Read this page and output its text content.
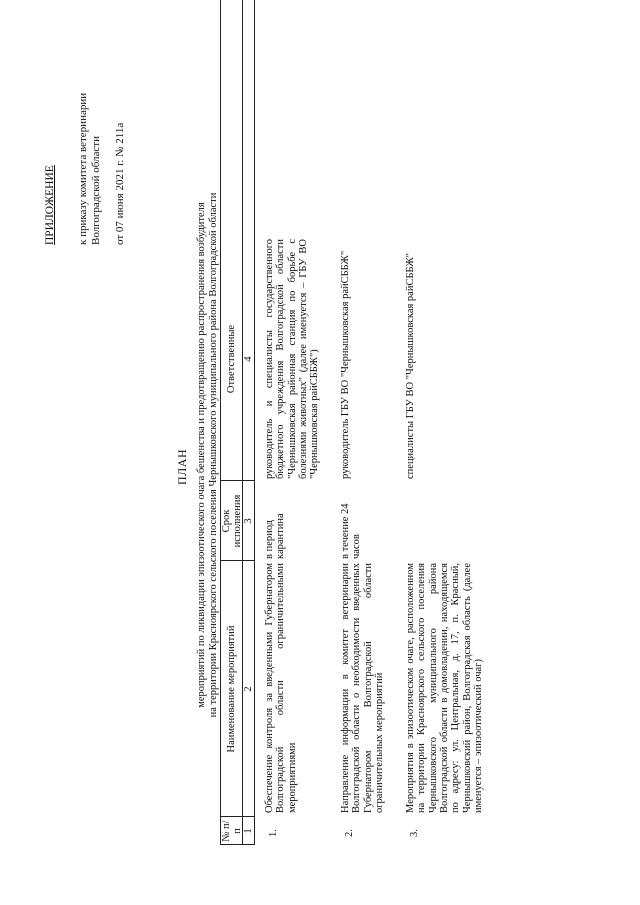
ПРИЛОЖЕНИЕ к приказу комитета ветеринарии Волгоградской области от 07 июня 2021 г. № 211а
ПЛАН мероприятий по ликвидации эпизоотического очага бешенства и предотвращению распространения возбудителя на территории Красноярского сельского поселения Чернышковского муниципального района Волгоградской области
№ п/п
Наименование мероприятий
Срок исполнения
Ответственные
1
2
3
4
1.
Обеспечение контроля за введенными Губернатором Волгоградской области ограничительными мероприятиями
в период карантина
руководитель и специалисты государственного бюджетного учреждения Волгоградской области "Чернышковская районная станция по борьбе с болезнями животных" (далее именуется – ГБУ ВО "Чернышковская райСББЖ")
2.
Направление информации в комитет ветеринарии Волгоградской области о необходимости введенных Губернатором Волгоградской области ограничительных мероприятий
в течение 24 часов
руководитель ГБУ ВО "Чернышковская райСББЖ"
3.
Мероприятия в эпизоотическом очаге, расположенном на территории Красноярского сельского поселения Чернышковского муниципального района Волгоградской области в домовладении, находящемся по адресу: ул. Центральная, д. 17, п. Красный, Чернышковский район, Волгоградская область (далее именуется – эпизоотический очаг)
специалисты ГБУ ВО "Чернышковская райСББЖ"
